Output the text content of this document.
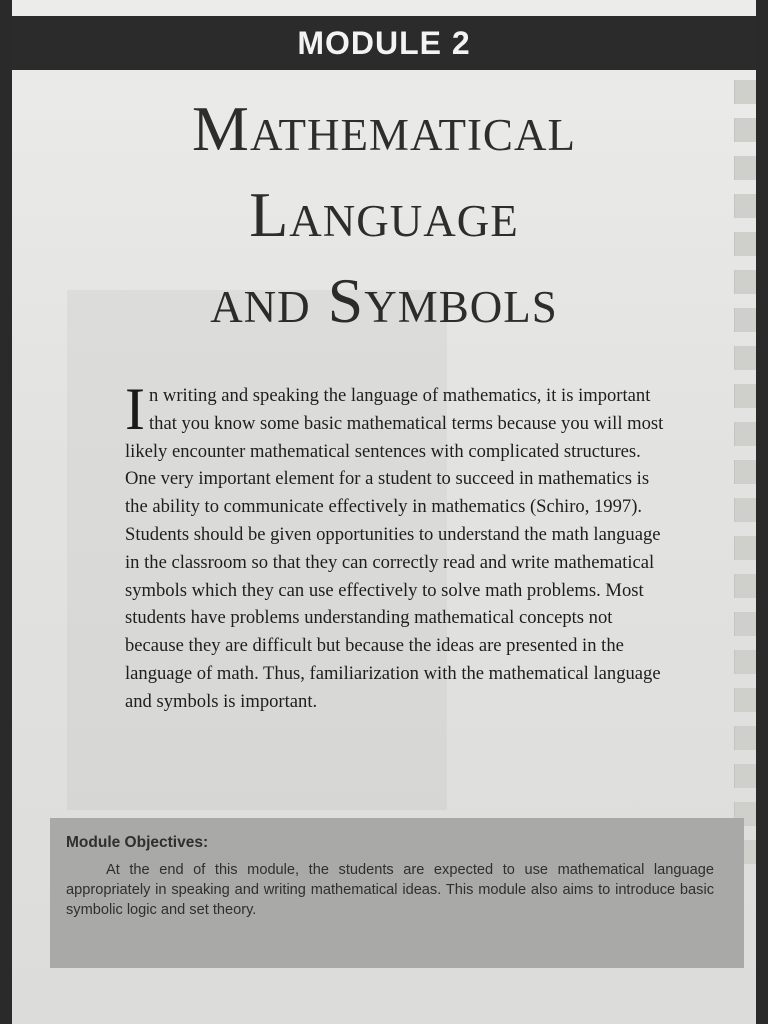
MODULE 2
Mathematical
Language
and Symbols
I n writing and speaking the language of mathematics, it is important that you know some basic mathematical terms because you will most likely encounter mathematical sentences with complicated structures. One very important element for a student to succeed in mathematics is the ability to communicate effectively in mathematics (Schiro, 1997). Students should be given opportunities to understand the math language in the classroom so that they can correctly read and write mathematical symbols which they can use effectively to solve math problems. Most students have problems understanding mathematical concepts not because they are difficult but because the ideas are presented in the language of math. Thus, familiarization with the mathematical language and symbols is important.
Module Objectives:
At the end of this module, the students are expected to use mathematical language appropriately in speaking and writing mathematical ideas. This module also aims to introduce basic symbolic logic and set theory.
